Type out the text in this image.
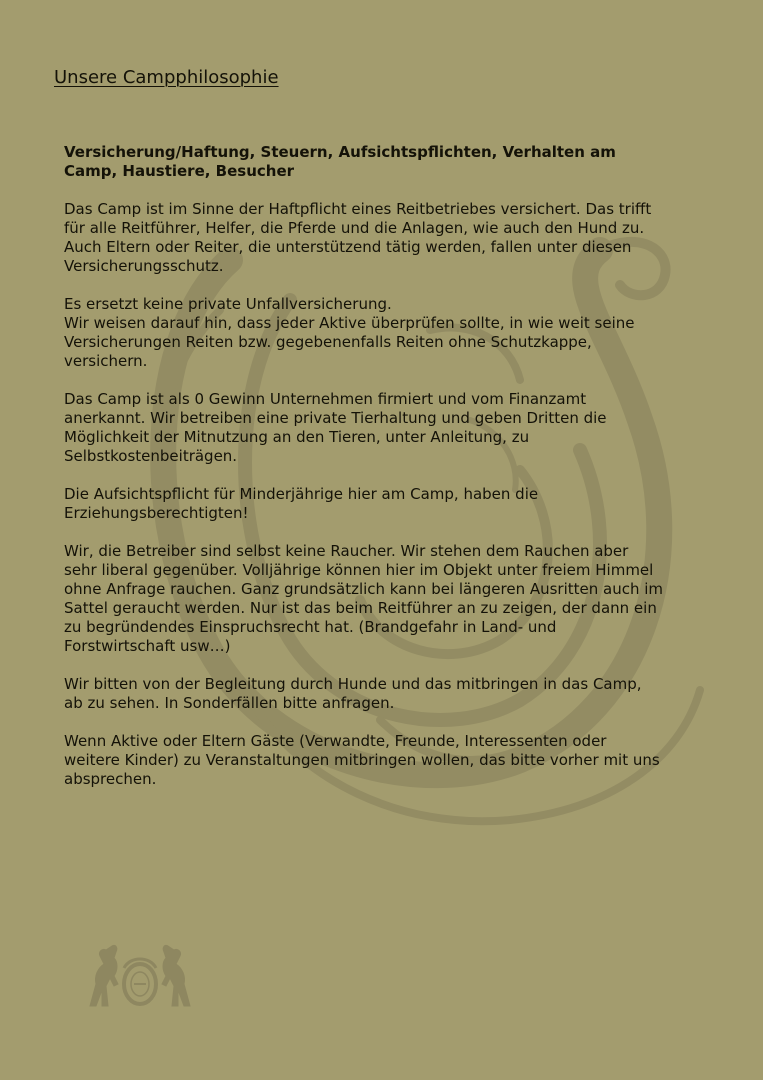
Unsere Campphilosophie
Versicherung/Haftung, Steuern, Aufsichtspflichten, Verhalten am
Camp, Haustiere, Besucher

Das Camp ist im Sinne der Haftpflicht eines Reitbetriebes versichert. Das trifft
für alle Reitführer, Helfer, die Pferde und die Anlagen, wie auch den Hund zu.
Auch Eltern oder Reiter, die unterstützend tätig werden, fallen unter diesen
Versicherungsschutz.

Es ersetzt keine private Unfallversicherung.
Wir weisen darauf hin, dass jeder Aktive überprüfen sollte, in wie weit seine
Versicherungen Reiten bzw. gegebenenfalls Reiten ohne Schutzkappe,
versichern.

Das Camp ist als 0 Gewinn Unternehmen firmiert und vom Finanzamt
anerkannt. Wir betreiben eine private Tierhaltung und geben Dritten die
Möglichkeit der Mitnutzung an den Tieren, unter Anleitung, zu
Selbstkostenbeiträgen.

Die Aufsichtspflicht für Minderjährige hier am Camp, haben die
Erziehungsberechtigten!

Wir, die Betreiber sind selbst keine Raucher. Wir stehen dem Rauchen aber
sehr liberal gegenüber. Volljährige können hier im Objekt unter freiem Himmel
ohne Anfrage rauchen. Ganz grundsätzlich kann bei längeren Ausritten auch im
Sattel geraucht werden. Nur ist das beim Reitführer an zu zeigen, der dann ein
zu begründendes Einspruchsrecht hat. (Brandgefahr in Land- und
Forstwirtschaft usw…)

Wir bitten von der Begleitung durch Hunde und das mitbringen in das Camp,
ab zu sehen. In Sonderfällen bitte anfragen.

Wenn Aktive oder Eltern Gäste (Verwandte, Freunde, Interessenten oder
weitere Kinder) zu Veranstaltungen mitbringen wollen, das bitte vorher mit uns
absprechen.
